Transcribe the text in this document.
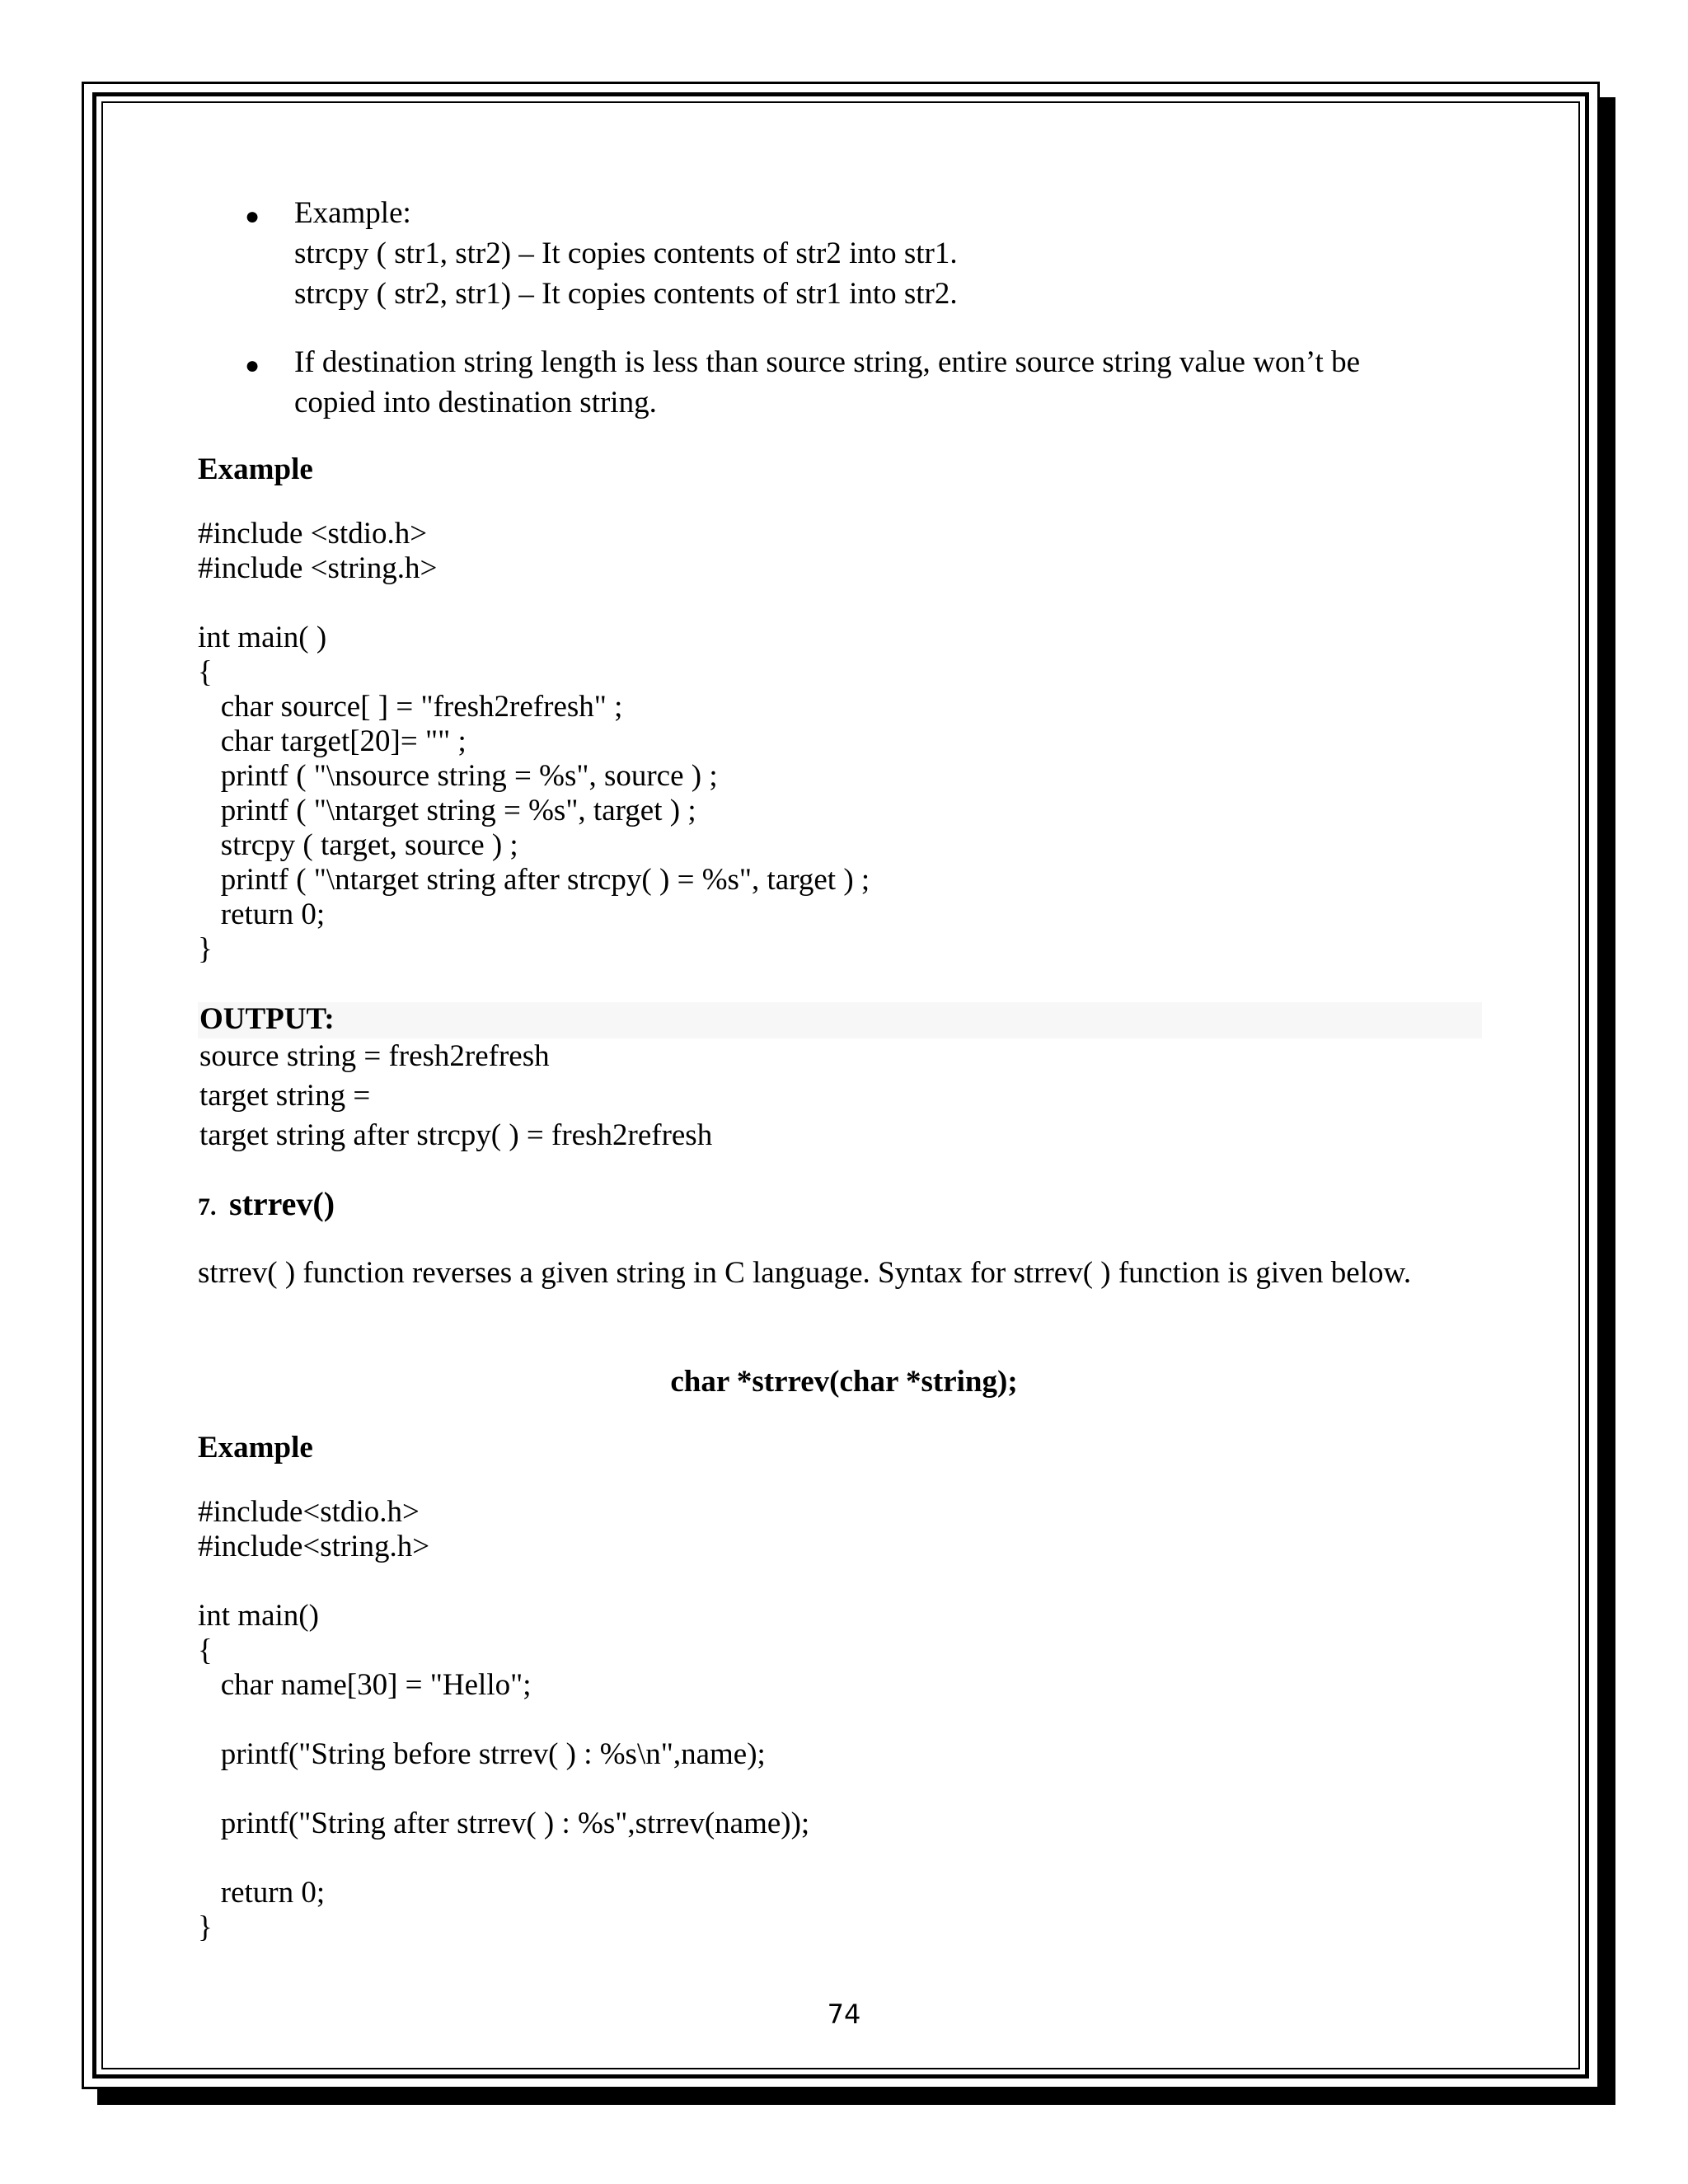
● Example:
strcpy ( str1, str2) – It copies contents of str2 into str1.
strcpy ( str2, str1) – It copies contents of str1 into str2.
● If destination string length is less than source string, entire source string value won’t be
copied into destination string.
Example
#include <stdio.h>
#include <string.h>
int main( )
{
char source[ ] = "fresh2refresh" ;
char target[20]= "" ;
printf ( "\nsource string = %s", source ) ;
printf ( "\ntarget string = %s", target ) ;
strcpy ( target, source ) ;
printf ( "\ntarget string after strcpy( ) = %s", target ) ;
return 0;
}
OUTPUT:
source string = fresh2refresh
target string =
target string after strcpy( ) = fresh2refresh
7. strrev()
strrev( ) function reverses a given string in C language. Syntax for strrev( ) function is given below.
char *strrev(char *string);
Example
#include<stdio.h>
#include<string.h>
int main()
{
char name[30] = "Hello";
printf("String before strrev( ) : %s\n",name);
printf("String after strrev( ) : %s",strrev(name));
return 0;
}
74
